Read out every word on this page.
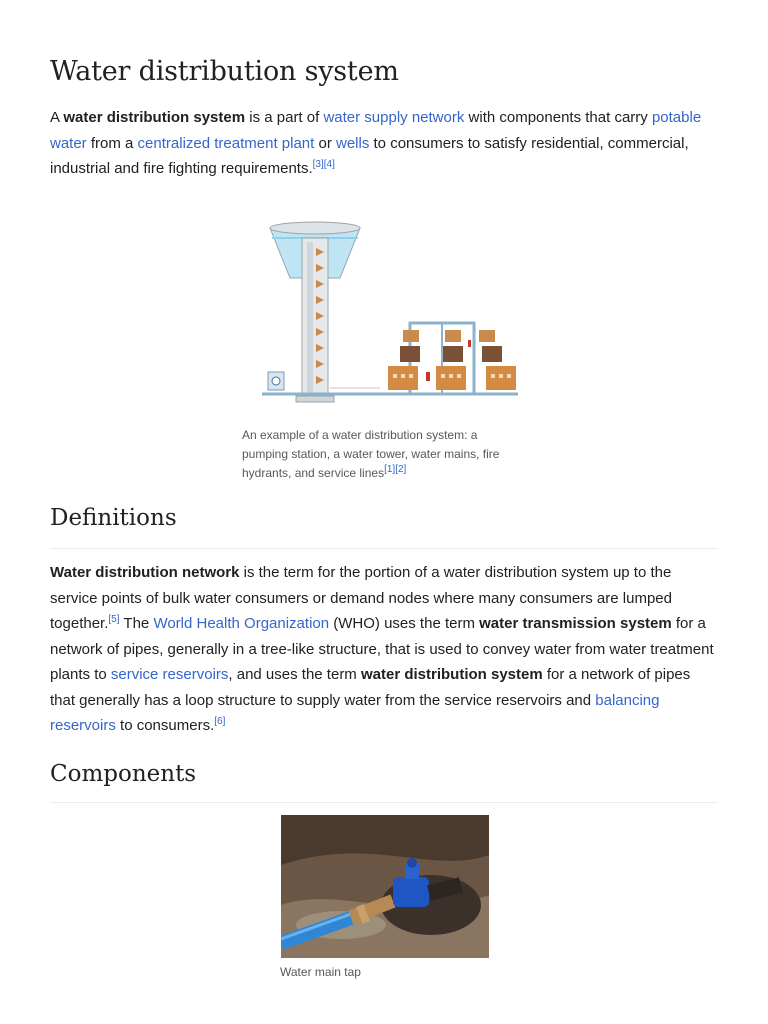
Water distribution system

A water distribution system is a part of water supply network with components that carry potable water from a centralized treatment plant or wells to consumers to satisfy residential, commercial, industrial and fire fighting requirements.[3][4]

An example of a water distribution system: a pumping station, a water tower, water mains, fire hydrants, and service lines[1][2]
Definitions

Water distribution network is the term for the portion of a water distribution system up to the service points of bulk water consumers or demand nodes where many consumers are lumped together.[5] The World Health Organization (WHO) uses the term water transmission system for a network of pipes, generally in a tree-like structure, that is used to convey water from water treatment plants to service reservoirs, and uses the term water distribution system for a network of pipes that generally has a loop structure to supply water from the service reservoirs and balancing reservoirs to consumers.[6]

Components
Water main tap
